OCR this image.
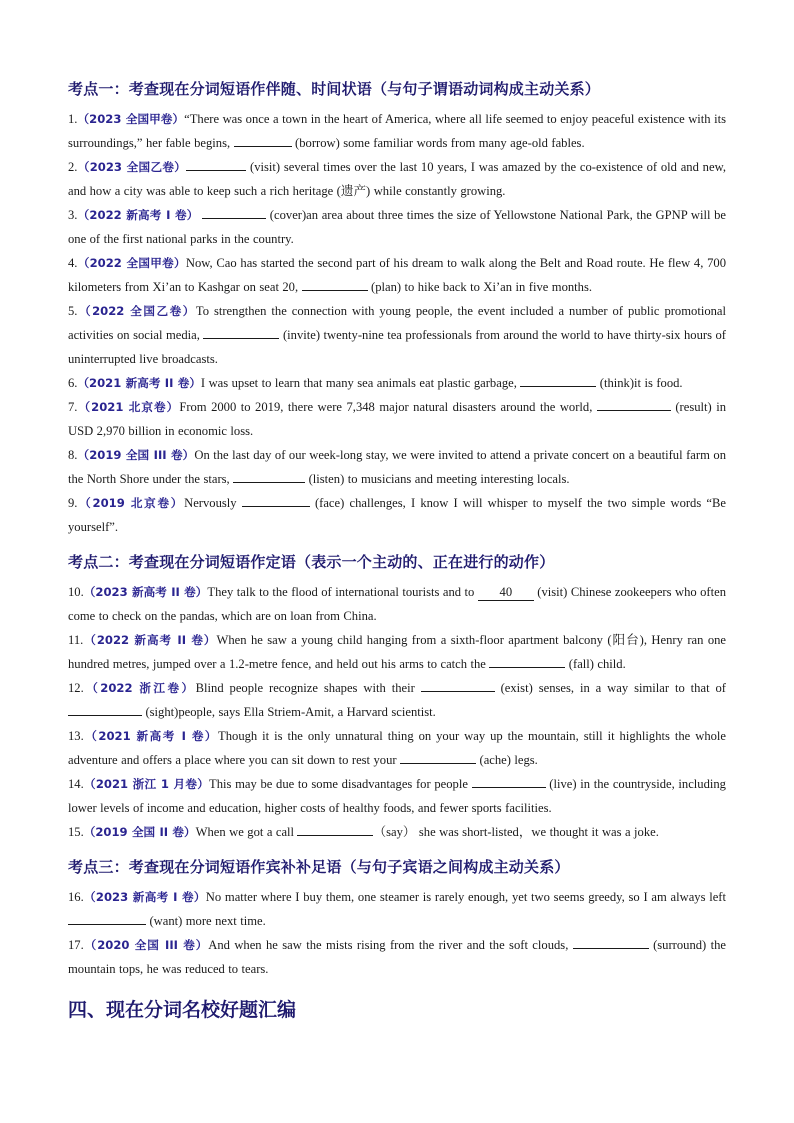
考点一：考查现在分词短语作伴随、时间状语（与句子谓语动词构成主动关系）

1.（2023 全国甲卷）“There was once a town in the heart of America, where all life seemed to enjoy peaceful existence with its surroundings,” her fable begins,	(borrow) some familiar words from many age-old fables.

2.（2023 全国乙卷）	(visit) several times over the last 10 years, I was amazed by the co-existence of old and new, and how a city was able to keep such a rich heritage (遗产) while constantly growing.

3.（2022 新高考 I 卷）	(cover)an area about three times the size of Yellowstone National Park, the GPNP will be one of the first national parks in the country.

4.（2022 全国甲卷）Now, Cao has started the second part of his dream to walk along the Belt and Road route. He flew 4, 700 kilometers from Xi’an to Kashgar on seat 20,	(plan) to hike back to Xi’an in five months.

5.（2022 全国乙卷）To strengthen the connection with young people, the event included a number of public promotional activities on social media,	(invite) twenty-nine tea professionals from around the world to have thirty-six hours of uninterrupted live broadcasts.

6.（2021 新高考 II 卷）I was upset to learn that many sea animals eat plastic garbage,	(think)it is food.

7.（2021 北京卷）From 2000 to 2019, there were 7,348 major natural disasters around the world,	(result) in USD 2,970 billion in economic loss.

8.（2019 全国 III 卷）On the last day of our week-long stay, we were invited to attend a private concert on a beautiful farm on the North Shore under the stars,	(listen) to musicians and meeting interesting locals.

9.（2019 北京卷）Nervously	(face) challenges, I know I will whisper to myself the two simple words “Be yourself”.

考点二：考查现在分词短语作定语（表示一个主动的、正在进行的动作）

10.（2023 新高考 II 卷）They talk to the flood of international tourists and to 40 (visit) Chinese zookeepers who often come to check on the pandas, which are on loan from China.

11.（2022 新高考 II 卷）When he saw a young child hanging from a sixth-floor apartment balcony (阳台), Henry ran one hundred metres, jumped over a 1.2-metre fence, and held out his arms to catch the	(fall) child.

12.（2022 浙江卷）Blind people recognize shapes with their	(exist) senses, in a way similar to that of  (sight)people, says Ella Striem-Amit, a Harvard scientist.

13.（2021 新高考 I 卷）Though it is the only unnatural thing on your way up the mountain, still it highlights the whole adventure and offers a place where you can sit down to rest your	(ache) legs.

14.（2021 浙江 1 月卷）This may be due to some disadvantages for people	(live) in the countryside, including lower levels of income and education, higher costs of healthy foods, and fewer sports facilities.

15.（2019 全国 II 卷）When we got a call	（say） she was short-listed，we thought it was a joke.

考点三：考查现在分词短语作宾补补足语（与句子宾语之间构成主动关系）

16.（2023 新高考 I 卷）No matter where I buy them, one steamer is rarely enough, yet two seems greedy, so I am always left  (want) more next time.

17.（2020 全国 III 卷）And when he saw the mists rising from the river and the soft clouds,	(surround) the mountain tops, he was reduced to tears.

四、现在分词名校好题汇编
